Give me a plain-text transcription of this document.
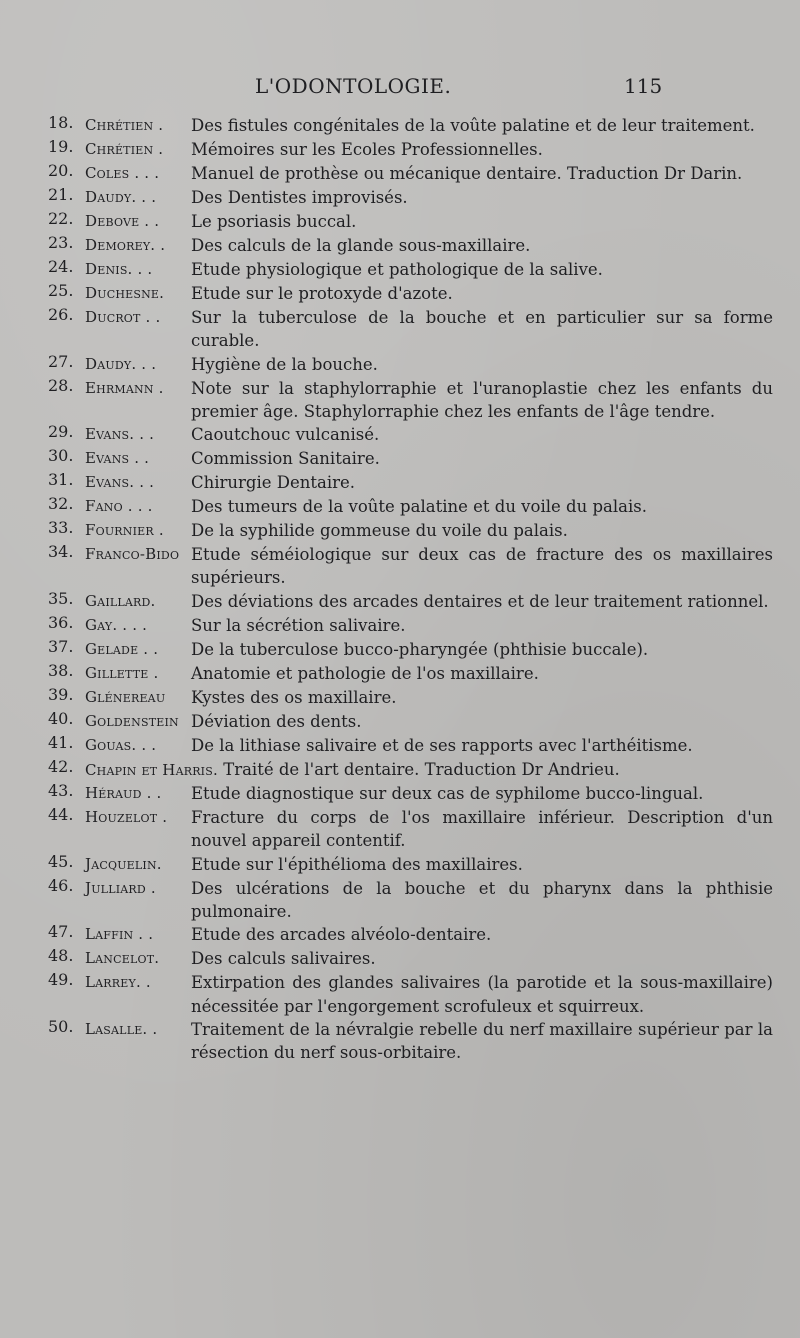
L'ODONTOLOGIE.	115
18. Chrétien . Des fistules congénitales de la voûte palatine et de leur traitement.
19. Chrétien . Mémoires sur les Ecoles Professionnelles.
20. Coles . . . Manuel de prothèse ou mécanique dentaire. Traduction Dr Darin.
21. Daudy. . . Des Dentistes improvisés.
22. Debove . . Le psoriasis buccal.
23. Demorey. . Des calculs de la glande sous-maxillaire.
24. Denis. . . Etude physiologique et pathologique de la salive.
25. Duchesne. Etude sur le protoxyde d'azote.
26. Ducrot . . Sur la tuberculose de la bouche et en particulier sur sa forme curable.
27. Daudy. . . Hygiène de la bouche.
28. Ehrmann . Note sur la staphylorraphie et l'uranoplastie chez les enfants du premier âge. Staphylorraphie chez les enfants de l'âge tendre.
29. Evans. . . Caoutchouc vulcanisé.
30. Evans . .	Commission Sanitaire.
31. Evans. . . Chirurgie Dentaire.
32. Fano . . . Des tumeurs de la voûte palatine et du voile du palais.
33. Fournier . De la syphilide gommeuse du voile du palais.
34. Franco-Bido Etude séméiologique sur deux cas de fracture des os maxillaires supérieurs.
35. Gaillard. Des déviations des arcades dentaires et de leur traitement rationnel.
36. Gay. . . .	Sur la sécrétion salivaire.
37. Gelade . . De la tuberculose bucco-pharyngée (phthisie buccale).
38. Gillette . Anatomie et pathologie de l'os maxillaire.
39. Glénereau Kystes des os maxillaire.
40. Goldenstein Déviation des dents.
41. Gouas. . . De la lithiase salivaire et de ses rapports avec l'arthéitisme.
42. Chapin et Harris. Traité de l'art dentaire. Traduction Dr Andrieu.
43. Héraud . . Etude diagnostique sur deux cas de syphilome bucco-lingual.
44. Houzelot . Fracture du corps de l'os maxillaire inférieur. Description d'un nouvel appareil contentif.
45. Jacquelin. Etude sur l'épithélioma des maxillaires.
46. Julliard . Des ulcérations de la bouche et du pharynx dans la phthisie pulmonaire.
47. Laffin . . Etude des arcades alvéolo-dentaire.
48. Lancelot. Des calculs salivaires.
49. Larrey. . Extirpation des glandes salivaires (la parotide et la sous-maxillaire) nécessitée par l'engorgement scrofuleux et squirreux.
50. Lasalle. . Traitement de la névralgie rebelle du nerf maxillaire supérieur par la résection du nerf sous-orbitaire.
